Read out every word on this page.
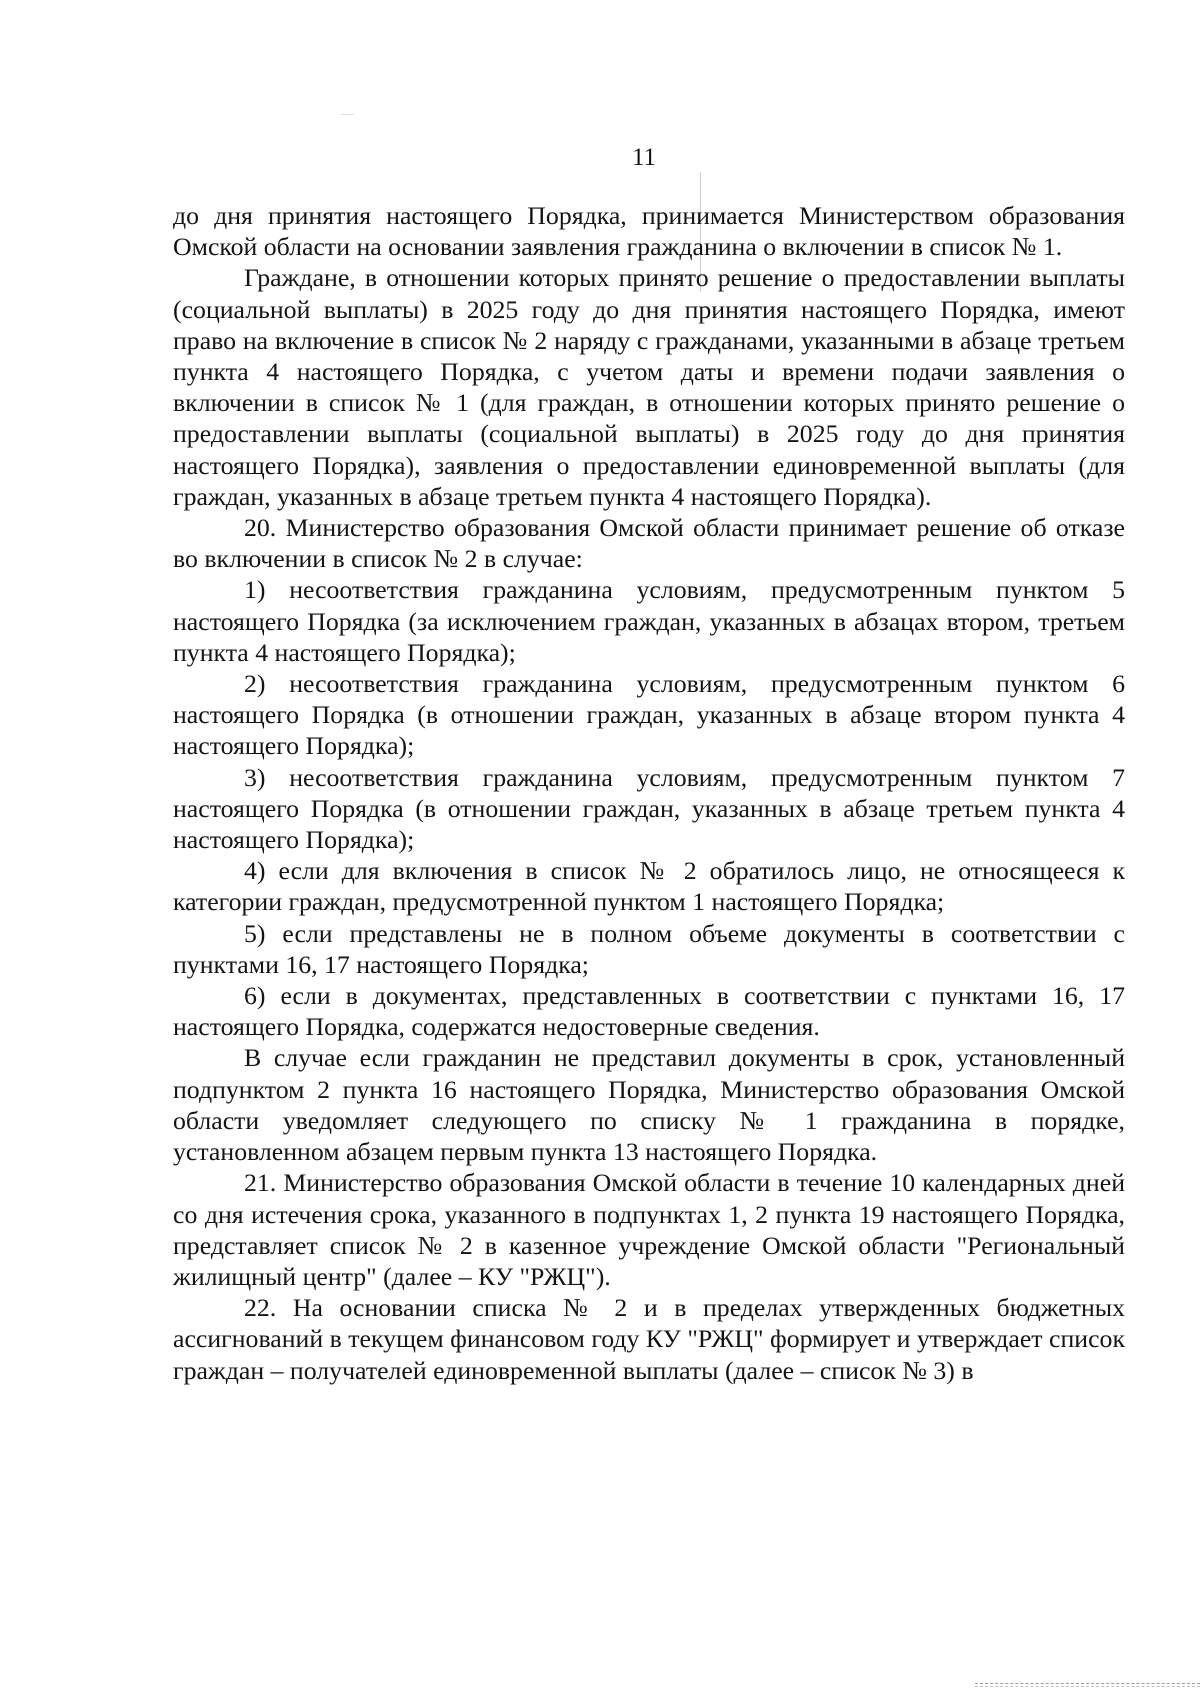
11

до дня принятия настоящего Порядка, принимается Министерством образования Омской области на основании заявления гражданина о включении в список № 1.

Граждане, в отношении которых принято решение о предоставлении выплаты (социальной выплаты) в 2025 году до дня принятия настоящего Порядка, имеют право на включение в список № 2 наряду с гражданами, указанными в абзаце третьем пункта 4 настоящего Порядка, с учетом даты и времени подачи заявления о включении в список № 1 (для граждан, в отношении которых принято решение о предоставлении выплаты (социальной выплаты) в 2025 году до дня принятия настоящего Порядка), заявления о предоставлении единовременной выплаты (для граждан, указанных в абзаце третьем пункта 4 настоящего Порядка).

20. Министерство образования Омской области принимает решение об отказе во включении в список № 2 в случае:

1) несоответствия гражданина условиям, предусмотренным пунктом 5 настоящего Порядка (за исключением граждан, указанных в абзацах втором, третьем пункта 4 настоящего Порядка);

2) несоответствия гражданина условиям, предусмотренным пунктом 6 настоящего Порядка (в отношении граждан, указанных в абзаце втором пункта 4 настоящего Порядка);

3) несоответствия гражданина условиям, предусмотренным пунктом 7 настоящего Порядка (в отношении граждан, указанных в абзаце третьем пункта 4 настоящего Порядка);

4) если для включения в список № 2 обратилось лицо, не относящееся к категории граждан, предусмотренной пунктом 1 настоящего Порядка;

5) если представлены не в полном объеме документы в соответствии с пунктами 16, 17 настоящего Порядка;

6) если в документах, представленных в соответствии с пунктами 16, 17 настоящего Порядка, содержатся недостоверные сведения.

В случае если гражданин не представил документы в срок, установленный подпунктом 2 пункта 16 настоящего Порядка, Министерство образования Омской области уведомляет следующего по списку № 1 гражданина в порядке, установленном абзацем первым пункта 13 настоящего Порядка.

21. Министерство образования Омской области в течение 10 календарных дней со дня истечения срока, указанного в подпунктах 1, 2 пункта 19 настоящего Порядка, представляет список № 2 в казенное учреждение Омской области "Региональный жилищный центр" (далее – КУ "РЖЦ").

22. На основании списка № 2 и в пределах утвержденных бюджетных ассигнований в текущем финансовом году КУ "РЖЦ" формирует и утверждает список граждан – получателей единовременной выплаты (далее – список № 3) в
